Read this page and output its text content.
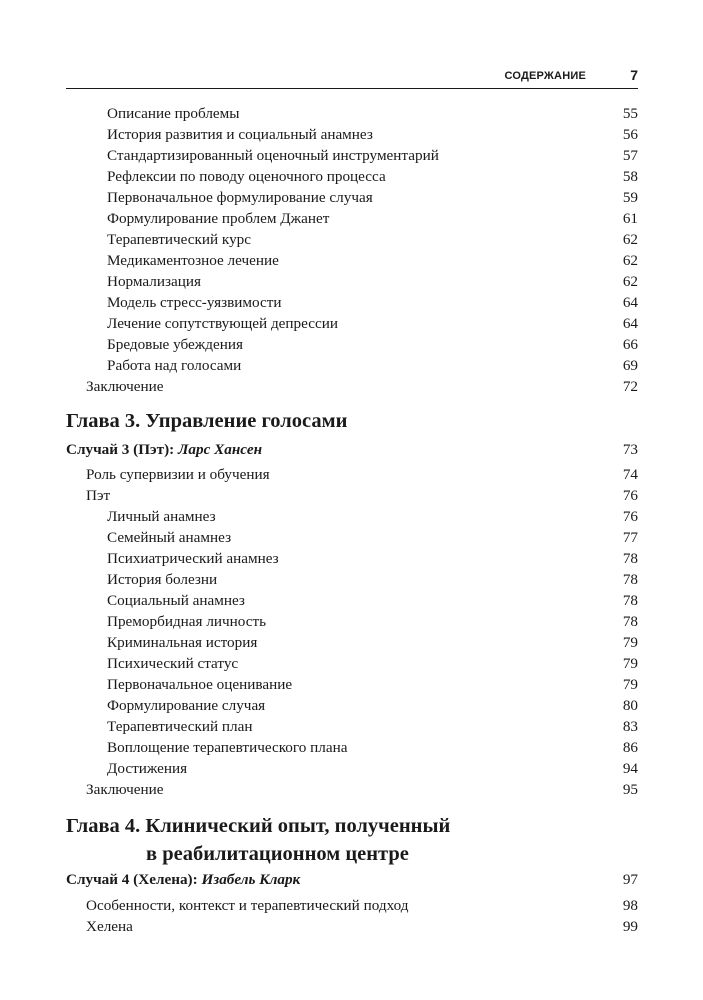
СОДЕРЖАНИЕ	7
Описание проблемы	55
История развития и социальный анамнез	56
Стандартизированный оценочный инструментарий	57
Рефлексии по поводу оценочного процесса	58
Первоначальное формулирование случая	59
Формулирование проблем Джанет	61
Терапевтический курс	62
Медикаментозное лечение	62
Нормализация	62
Модель стресс-уязвимости	64
Лечение сопутствующей депрессии	64
Бредовые убеждения	66
Работа над голосами	69
Заключение	72
Глава 3. Управление голосами
Случай 3 (Пэт): Ларс Хансен	73
Роль супервизии и обучения	74
Пэт	76
Личный анамнез	76
Семейный анамнез	77
Психиатрический анамнез	78
История болезни	78
Социальный анамнез	78
Преморбидная личность	78
Криминальная история	79
Психический статус	79
Первоначальное оценивание	79
Формулирование случая	80
Терапевтический план	83
Воплощение терапевтического плана	86
Достижения	94
Заключение	95
Глава 4. Клинический опыт, полученный
в реабилитационном центре
Случай 4 (Хелена): Изабель Кларк	97
Особенности, контекст и терапевтический подход	98
Хелена	99
